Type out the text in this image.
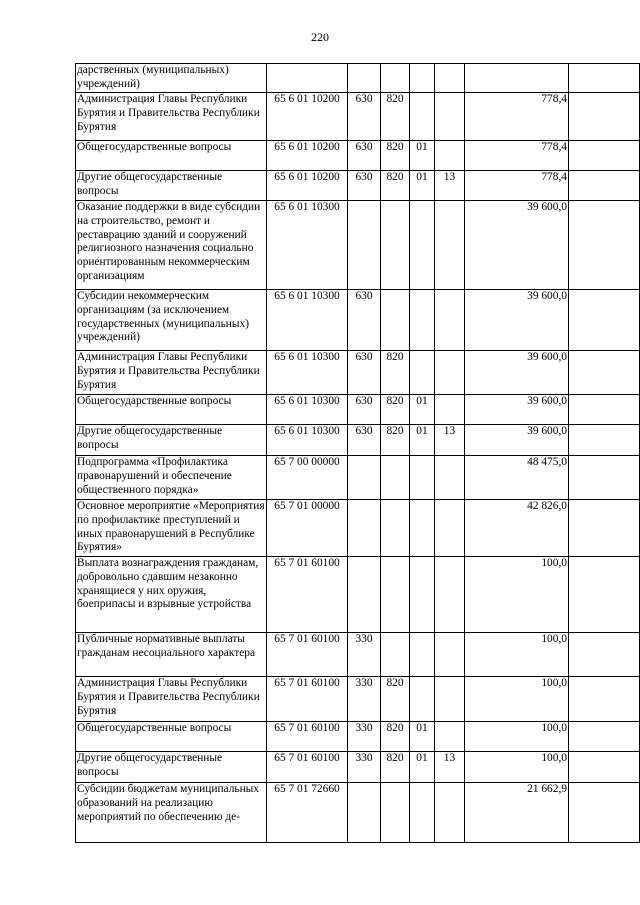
220
дарственных (муниципальных) учреждений)							
Администрация Главы Республики Бурятия и Правительства Республики Бурятия	65 6 01 10200	630	820			778,4	
Общегосударственные вопросы	65 6 01 10200	630	820	01		778,4	
Другие общегосударственные вопросы	65 6 01 10200	630	820	01	13	778,4	
Оказание поддержки в виде субсидии на строительство, ремонт и реставрацию зданий и сооружений религиозного назначения социально ориентированным некоммерческим организациям	65 6 01 10300					39 600,0	
Субсидии некоммерческим организациям (за исключением государственных (муниципальных) учреждений)	65 6 01 10300	630				39 600,0	
Администрация Главы Республики Бурятия и Правительства Республики Бурятия	65 6 01 10300	630	820			39 600,0	
Общегосударственные вопросы	65 6 01 10300	630	820	01		39 600,0	
Другие общегосударственные вопросы	65 6 01 10300	630	820	01	13	39 600,0	
Подпрограмма «Профилактика правонарушений и обеспечение общественного порядка»	65 7 00 00000					48 475,0	
Основное мероприятие «Мероприятия по профилактике преступлений и иных правонарушений в Республике Бурятия»	65 7 01 00000					42 826,0	
Выплата вознаграждения гражданам, добровольно сдавшим незаконно хранящиеся у них оружия, боеприпасы и взрывные устройства	65 7 01 60100					100,0	
Публичные нормативные выплаты гражданам несоциального характера	65 7 01 60100	330				100,0	
Администрация Главы Республики Бурятия и Правительства Республики Бурятия	65 7 01 60100	330	820			100,0	
Общегосударственные вопросы	65 7 01 60100	330	820	01		100,0	
Другие общегосударственные вопросы	65 7 01 60100	330	820	01	13	100,0	
Субсидии бюджетам муниципальных образований на реализацию мероприятий по обеспечению де-	65 7 01 72660					21 662,9	
